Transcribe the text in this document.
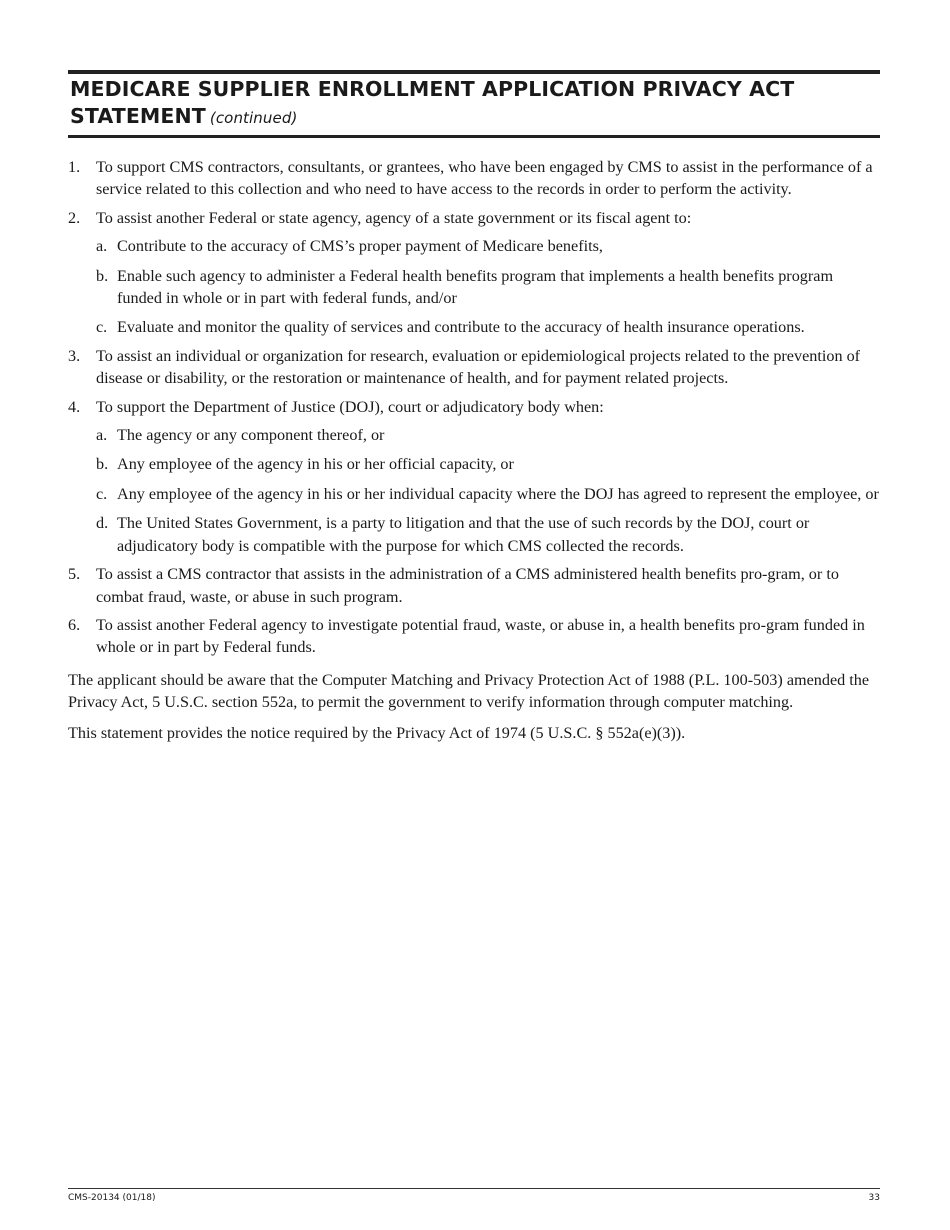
MEDICARE SUPPLIER ENROLLMENT APPLICATION PRIVACY ACT STATEMENT (continued)
1. To support CMS contractors, consultants, or grantees, who have been engaged by CMS to assist in the performance of a service related to this collection and who need to have access to the records in order to perform the activity.
2. To assist another Federal or state agency, agency of a state government or its fiscal agent to:
a. Contribute to the accuracy of CMS’s proper payment of Medicare benefits,
b. Enable such agency to administer a Federal health benefits program that implements a health benefits program funded in whole or in part with federal funds, and/or
c. Evaluate and monitor the quality of services and contribute to the accuracy of health insurance operations.
3. To assist an individual or organization for research, evaluation or epidemiological projects related to the prevention of disease or disability, or the restoration or maintenance of health, and for payment related projects.
4. To support the Department of Justice (DOJ), court or adjudicatory body when:
a. The agency or any component thereof, or
b. Any employee of the agency in his or her official capacity, or
c. Any employee of the agency in his or her individual capacity where the DOJ has agreed to represent the employee, or
d. The United States Government, is a party to litigation and that the use of such records by the DOJ, court or adjudicatory body is compatible with the purpose for which CMS collected the records.
5. To assist a CMS contractor that assists in the administration of a CMS administered health benefits pro-gram, or to combat fraud, waste, or abuse in such program.
6. To assist another Federal agency to investigate potential fraud, waste, or abuse in, a health benefits pro-gram funded in whole or in part by Federal funds.

The applicant should be aware that the Computer Matching and Privacy Protection Act of 1988 (P.L. 100-503) amended the Privacy Act, 5 U.S.C. section 552a, to permit the government to verify information through computer matching.

This statement provides the notice required by the Privacy Act of 1974 (5 U.S.C. § 552a(e)(3)).

CMS-20134 (01/18)	33
